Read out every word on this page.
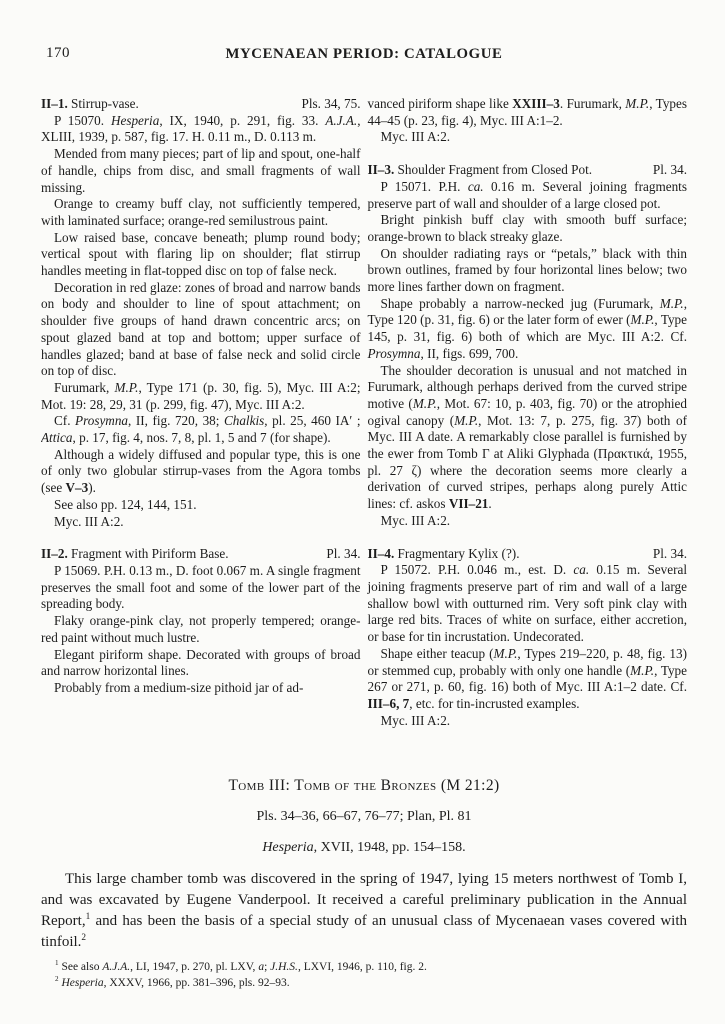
170	MYCENAEAN PERIOD: CATALOGUE
II–1. Stirrup-vase.	Pls. 34, 75.

P 15070. Hesperia, IX, 1940, p. 291, fig. 33. A.J.A., XLIII, 1939, p. 587, fig. 17. H. 0.11 m., D. 0.113 m.

Mended from many pieces; part of lip and spout, one-half of handle, chips from disc, and small fragments of wall missing.

Orange to creamy buff clay, not sufficiently tempered, with laminated surface; orange-red semilustrous paint.

Low raised base, concave beneath; plump round body; vertical spout with flaring lip on shoulder; flat stirrup handles meeting in flat-topped disc on top of false neck.

Decoration in red glaze: zones of broad and narrow bands on body and shoulder to line of spout attachment; on shoulder five groups of hand drawn concentric arcs; on spout glazed band at top and bottom; upper surface of handles glazed; band at base of false neck and solid circle on top of disc.

Furumark, M.P., Type 171 (p. 30, fig. 5), Myc. III A:2; Mot. 19: 28, 29, 31 (p. 299, fig. 47), Myc. III A:2.

Cf. Prosymna, II, fig. 720, 38; Chalkis, pl. 25, 460 ΙΑ′ ; Attica, p. 17, fig. 4, nos. 7, 8, pl. 1, 5 and 7 (for shape).

Although a widely diffused and popular type, this is one of only two globular stirrup-vases from the Agora tombs (see V–3).

See also pp. 124, 144, 151.

Myc. III A:2.

II–2. Fragment with Piriform Base.	Pl. 34.

P 15069. P.H. 0.13 m., D. foot 0.067 m. A single fragment preserves the small foot and some of the lower part of the spreading body.

Flaky orange-pink clay, not properly tempered; orange-red paint without much lustre.

Elegant piriform shape. Decorated with groups of broad and narrow horizontal lines.

Probably from a medium-size pithoid jar of ad-

vanced piriform shape like XXIII–3. Furumark, M.P., Types 44–45 (p. 23, fig. 4), Myc. III A:1–2.

Myc. III A:2.

II–3. Shoulder Fragment from Closed Pot.	Pl. 34.

P 15071. P.H. ca. 0.16 m. Several joining fragments preserve part of wall and shoulder of a large closed pot.

Bright pinkish buff clay with smooth buff surface; orange-brown to black streaky glaze.

On shoulder radiating rays or “petals,” black with thin brown outlines, framed by four horizontal lines below; two more lines farther down on fragment.

Shape probably a narrow-necked jug (Furumark, M.P., Type 120 (p. 31, fig. 6) or the later form of ewer (M.P., Type 145, p. 31, fig. 6) both of which are Myc. III A:2. Cf. Prosymna, II, figs. 699, 700.

The shoulder decoration is unusual and not matched in Furumark, although perhaps derived from the curved stripe motive (M.P., Mot. 67: 10, p. 403, fig. 70) or the atrophied ogival canopy (M.P., Mot. 13: 7, p. 275, fig. 37) both of Myc. III A date. A remarkably close parallel is furnished by the ewer from Tomb Γ at Aliki Glyphada (Πρακτικά, 1955, pl. 27 ζ) where the decoration seems more clearly a derivation of curved stripes, perhaps along purely Attic lines: cf. askos VII–21.

Myc. III A:2.

II–4. Fragmentary Kylix (?).	Pl. 34.

P 15072. P.H. 0.046 m., est. D. ca. 0.15 m. Several joining fragments preserve part of rim and wall of a large shallow bowl with outturned rim. Very soft pink clay with large red bits. Traces of white on surface, either accretion, or base for tin incrustation. Undecorated.

Shape either teacup (M.P., Types 219–220, p. 48, fig. 13) or stemmed cup, probably with only one handle (M.P., Type 267 or 271, p. 60, fig. 16) both of Myc. III A:1–2 date. Cf. III–6, 7, etc. for tin-incrusted examples.

Myc. III A:2.

Tomb III: Tomb of the Bronzes (M 21:2)
Pls. 34–36, 66–67, 76–77; Plan, Pl. 81
Hesperia, XVII, 1948, pp. 154–158.

This large chamber tomb was discovered in the spring of 1947, lying 15 meters northwest of Tomb I, and was excavated by Eugene Vanderpool. It received a careful preliminary publication in the Annual Report,$^1$ and has been the basis of a special study of an unusual class of Mycenaean vases covered with tinfoil.$^2$

$^1$ See also A.J.A., LI, 1947, p. 270, pl. LXV, a; J.H.S., LXVI, 1946, p. 110, fig. 2.

$^2$ Hesperia, XXXV, 1966, pp. 381–396, pls. 92–93.
